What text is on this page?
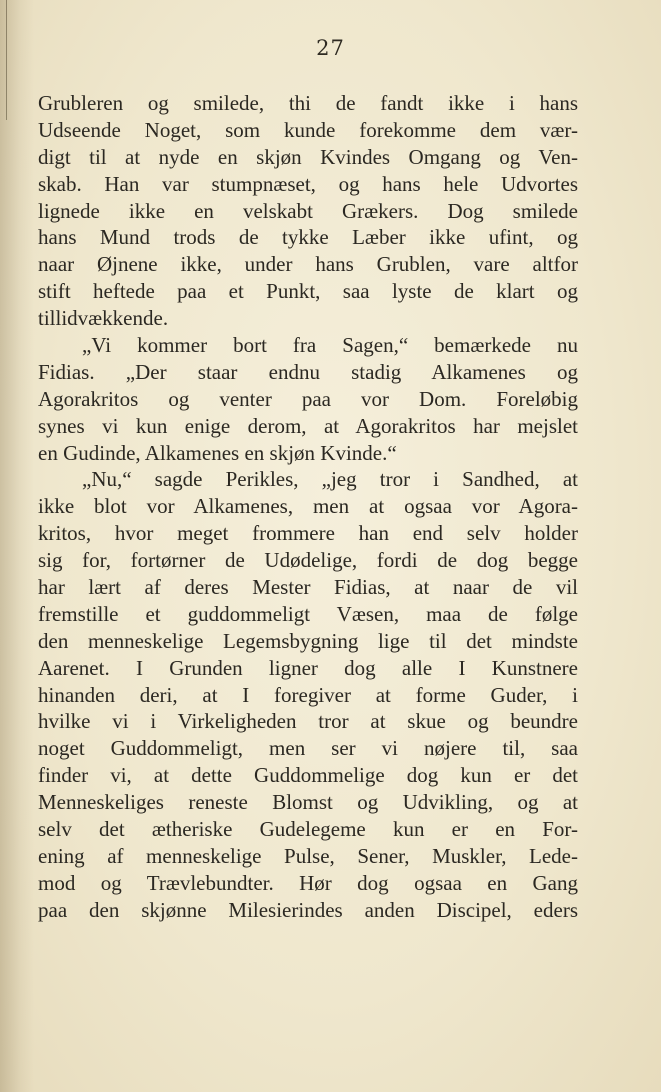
27
Grubleren og smilede, thi de fandt ikke i hans
Udseende Noget, som kunde forekomme dem vær-
digt til at nyde en skjøn Kvindes Omgang og Ven-
skab. Han var stumpnæset, og hans hele Udvortes
lignede ikke en velskabt Grækers. Dog smilede
hans Mund trods de tykke Læber ikke ufint, og
naar Øjnene ikke, under hans Grublen, vare altfor
stift heftede paa et Punkt, saa lyste de klart og
tillidvækkende.
„Vi kommer bort fra Sagen,“ bemærkede nu
Fidias. „Der staar endnu stadig Alkamenes og
Agorakritos og venter paa vor Dom. Foreløbig
synes vi kun enige derom, at Agorakritos har mejslet
en Gudinde, Alkamenes en skjøn Kvinde.“
„Nu,“ sagde Perikles, „jeg tror i Sandhed, at
ikke blot vor Alkamenes, men at ogsaa vor Agora-
kritos, hvor meget frommere han end selv holder
sig for, fortørner de Udødelige, fordi de dog begge
har lært af deres Mester Fidias, at naar de vil
fremstille et guddommeligt Væsen, maa de følge
den menneskelige Legemsbygning lige til det mindste
Aarenet. I Grunden ligner dog alle I Kunstnere
hinanden deri, at I foregiver at forme Guder, i
hvilke vi i Virkeligheden tror at skue og beundre
noget Guddommeligt, men ser vi nøjere til, saa
finder vi, at dette Guddommelige dog kun er det
Menneskeliges reneste Blomst og Udvikling, og at
selv det ætheriske Gudelegeme kun er en For-
ening af menneskelige Pulse, Sener, Muskler, Lede-
mod og Trævlebundter. Hør dog ogsaa en Gang
paa den skjønne Milesierindes anden Discipel, eders
